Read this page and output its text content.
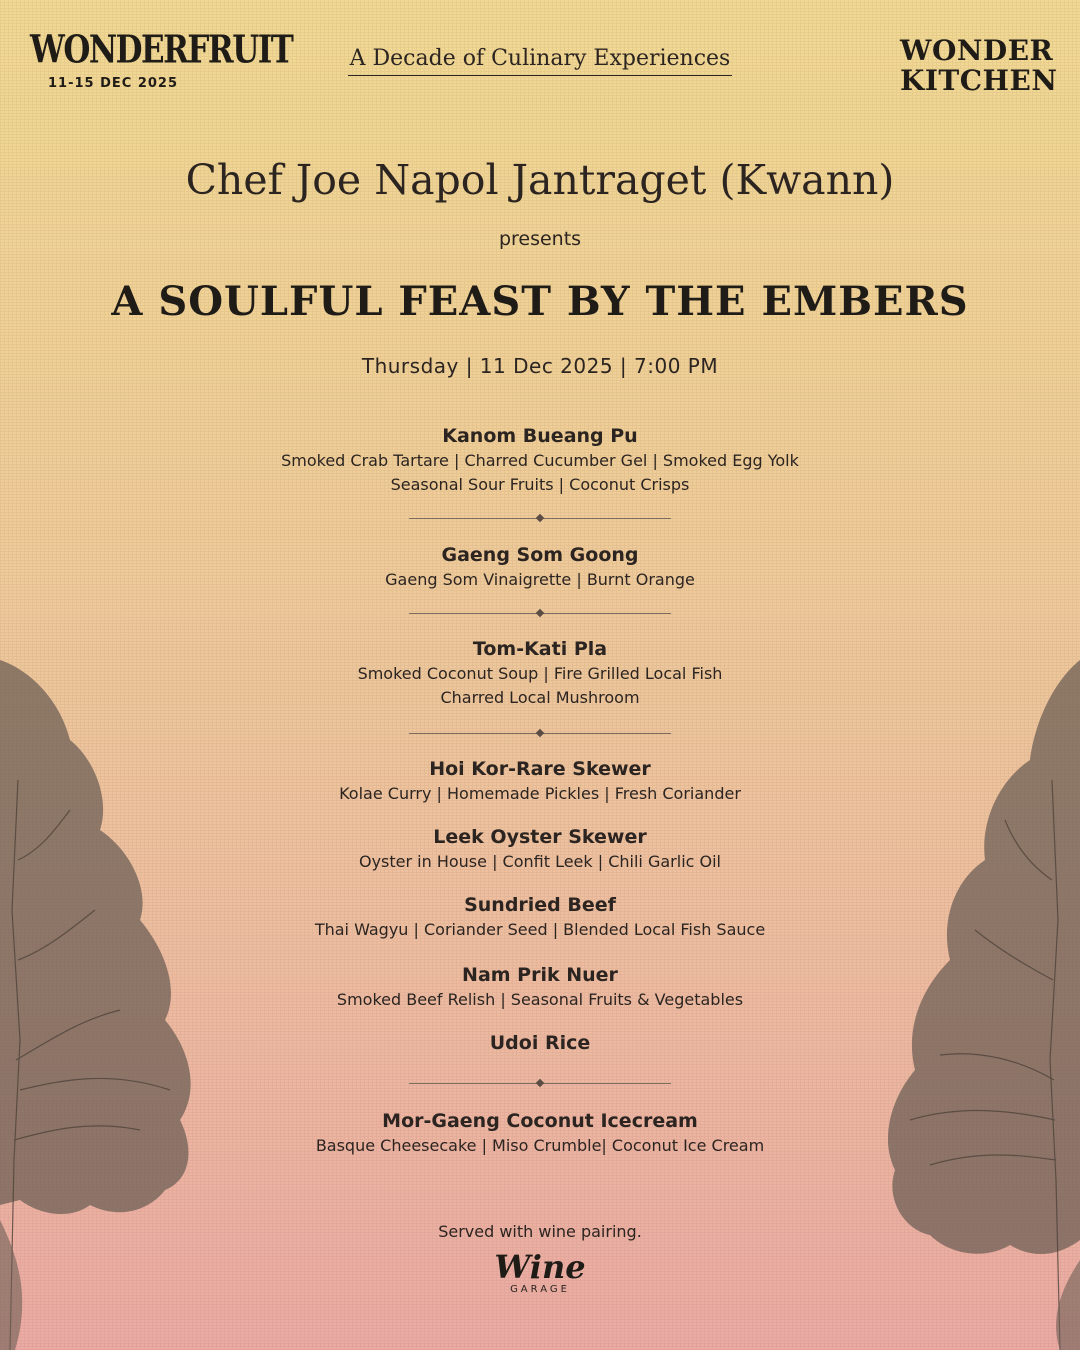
WONDERFRUIT
11-15 DEC 2025
A Decade of Culinary Experiences	WONDER
KITCHEN
Chef Joe Napol Jantraget (Kwann)
presents
A SOULFUL FEAST BY THE EMBERS
Thursday | 11 Dec 2025 | 7:00 PM
Kanom Bueang Pu
Smoked Crab Tartare | Charred Cucumber Gel | Smoked Egg Yolk
Seasonal Sour Fruits | Coconut Crisps
Gaeng Som Goong
Gaeng Som Vinaigrette | Burnt Orange
Tom-Kati Pla
Smoked Coconut Soup | Fire Grilled Local Fish
Charred Local Mushroom
Hoi Kor-Rare Skewer
Kolae Curry | Homemade Pickles | Fresh Coriander
Leek Oyster Skewer
Oyster in House | Confit Leek | Chili Garlic Oil
Sundried Beef
Thai Wagyu | Coriander Seed | Blended Local Fish Sauce
Nam Prik Nuer
Smoked Beef Relish | Seasonal Fruits & Vegetables
Udoi Rice
Mor-Gaeng Coconut Icecream
Basque Cheesecake | Miso Crumble| Coconut Ice Cream
Served with wine pairing.
Wine
GARAGE
